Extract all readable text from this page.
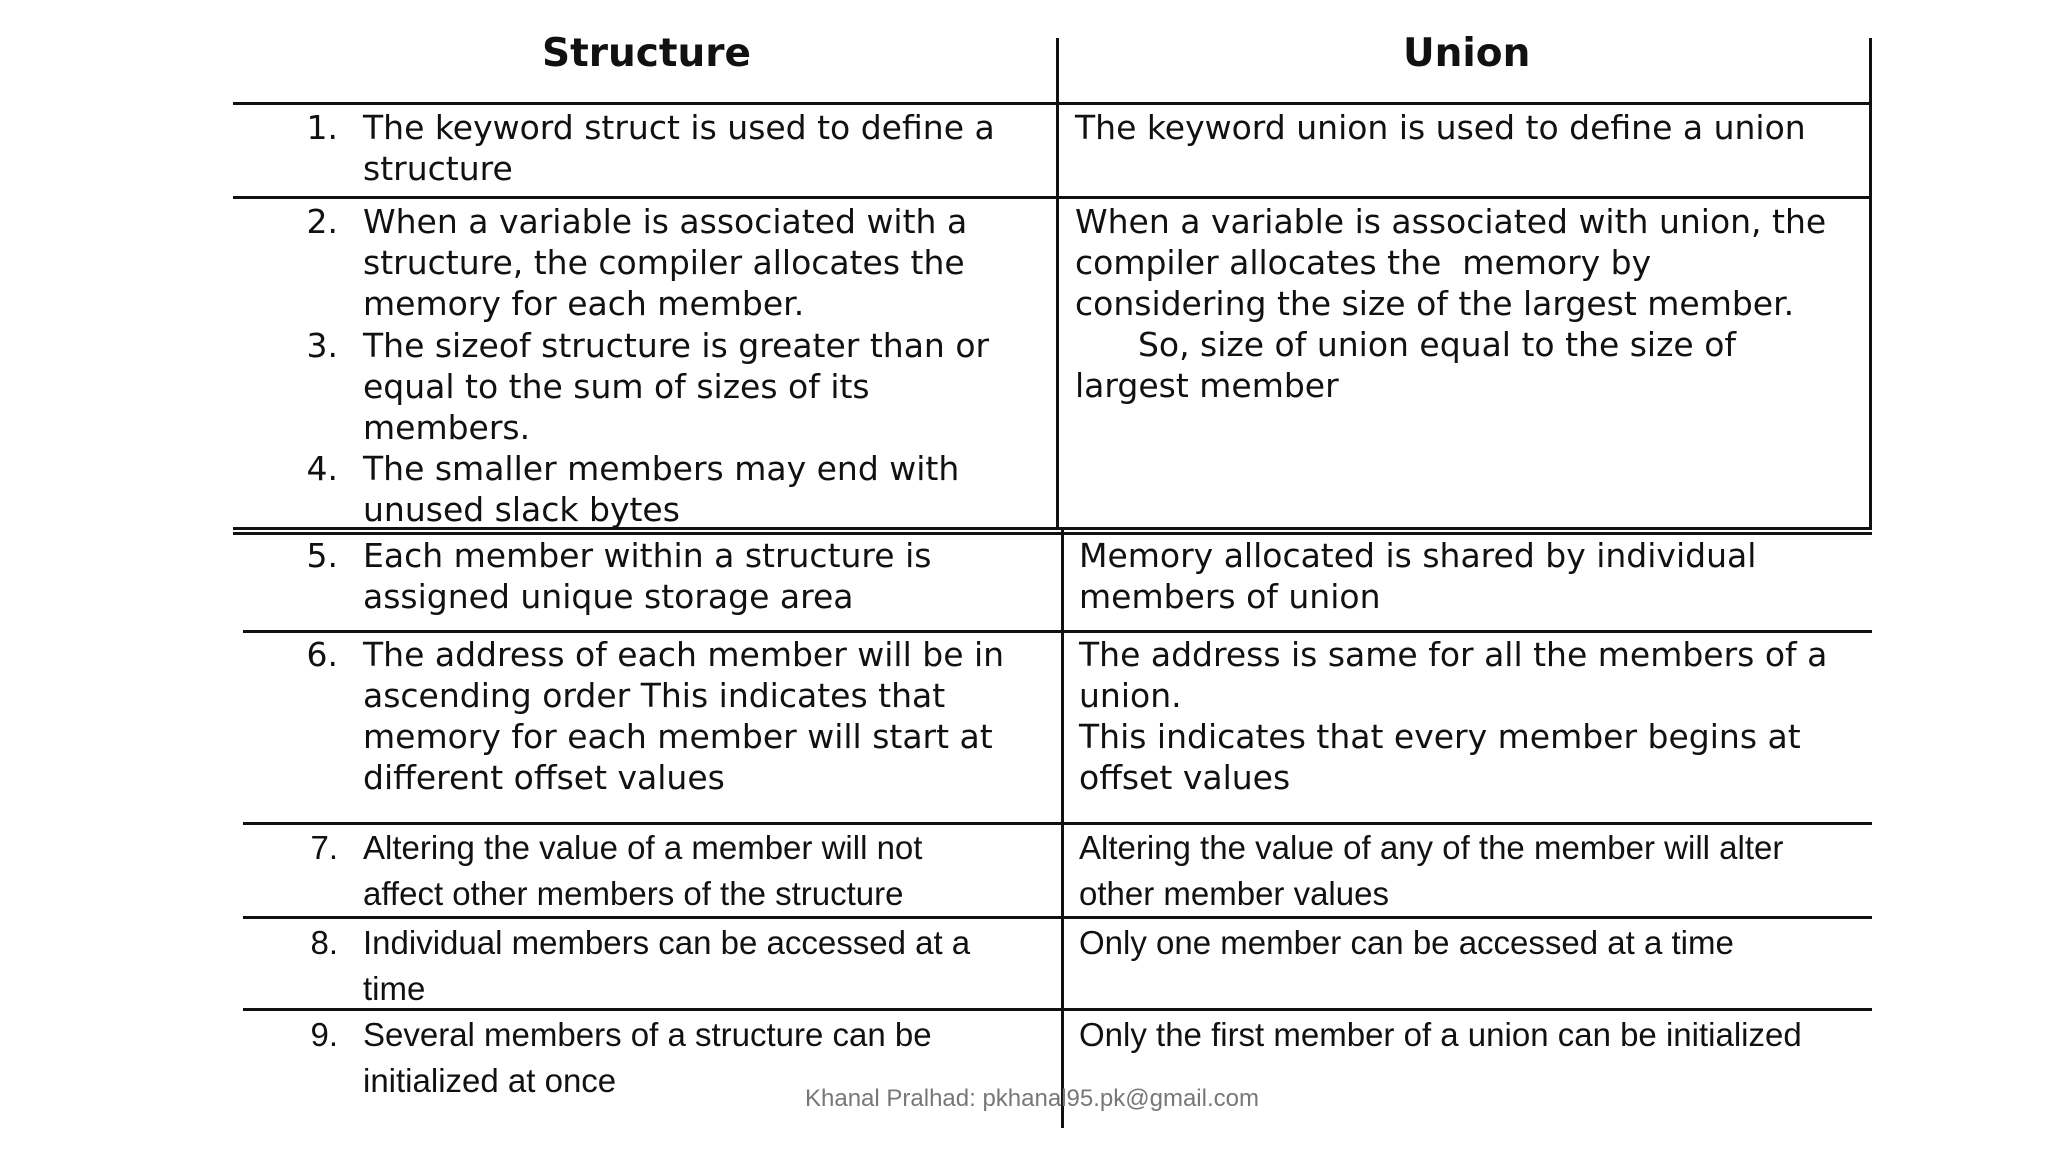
Structure	Union
1. The keyword struct is used to define a
structure
The keyword union is used to define a union
2. When a variable is associated with a
structure, the compiler allocates the
memory for each member.
3. The sizeof structure is greater than or
equal to the sum of sizes of its
members.
4. The smaller members may end with
unused slack bytes
When a variable is associated with union, the
compiler allocates the  memory by
considering the size of the largest member.
So, size of union equal to the size of
largest member
5. Each member within a structure is
assigned unique storage area
Memory allocated is shared by individual
members of union
6. The address of each member will be in
ascending order This indicates that
memory for each member will start at
different offset values
The address is same for all the members of a
union.
This indicates that every member begins at
offset values
7. Altering the value of a member will not
affect other members of the structure
Altering the value of any of the member will alter
other member values
8. Individual members can be accessed at a
time
Only one member can be accessed at a time
9. Several members of a structure can be
initialized at once
Only the first member of a union can be initialized
Khanal Pralhad: pkhanal95.pk@gmail.com
